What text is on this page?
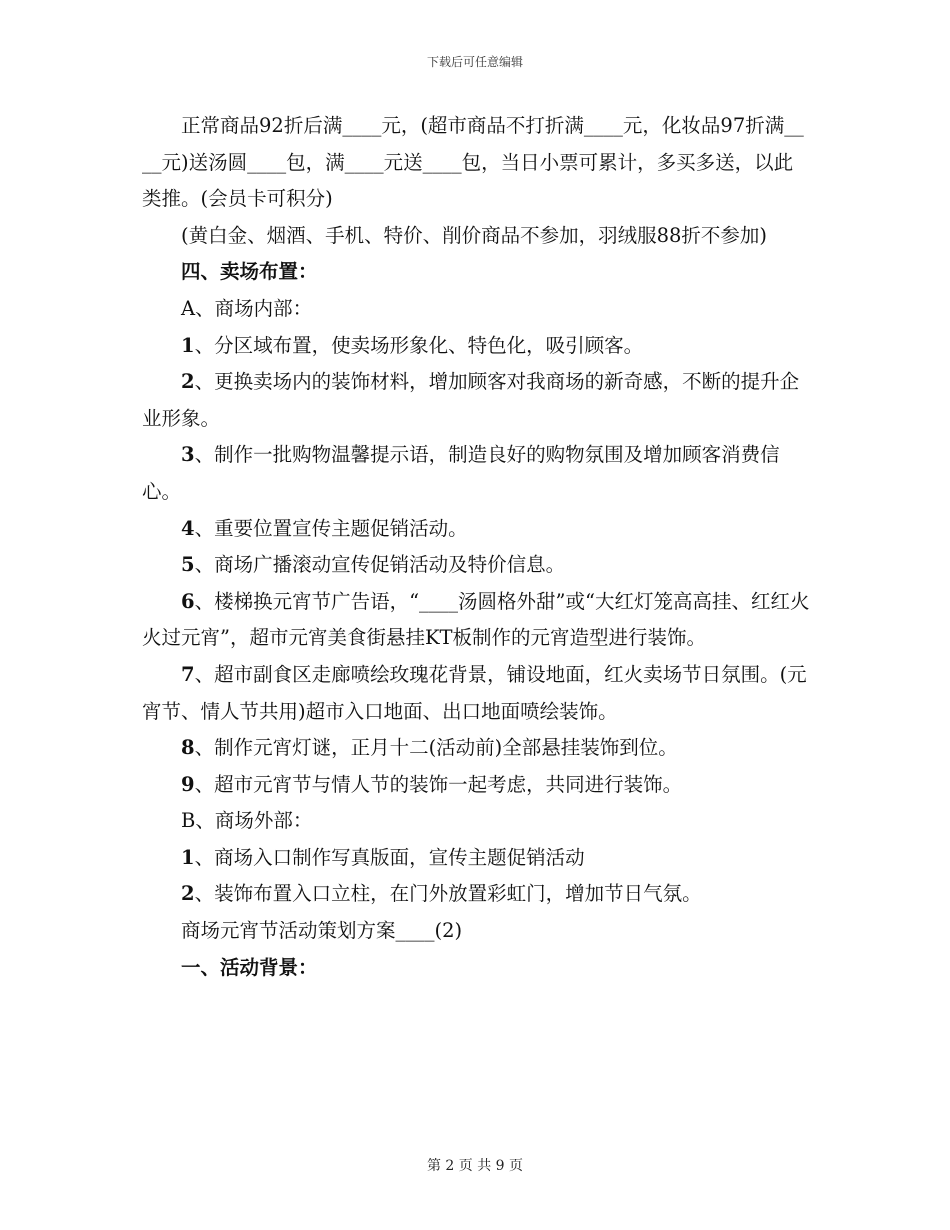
下载后可任意编辑

正常商品92折后满____元，(超市商品不打折满____元，化妆品97折满____元)送汤圆____包，满____元送____包，当日小票可累计，多买多送，以此类推。(会员卡可积分)

(黄白金、烟酒、手机、特价、削价商品不参加，羽绒服88折不参加)

四、卖场布置：

A、商场内部：

1、分区域布置，使卖场形象化、特色化，吸引顾客。

2、更换卖场内的装饰材料，增加顾客对我商场的新奇感，不断的提升企业形象。

3、制作一批购物温馨提示语，制造良好的购物氛围及增加顾客消费信心。

4、重要位置宣传主题促销活动。

5、商场广播滚动宣传促销活动及特价信息。

6、楼梯换元宵节广告语，“____汤圆格外甜”或“大红灯笼高高挂、红红火火过元宵”，超市元宵美食街悬挂KT板制作的元宵造型进行装饰。

7、超市副食区走廊喷绘玫瑰花背景，铺设地面，红火卖场节日氛围。(元宵节、情人节共用)超市入口地面、出口地面喷绘装饰。

8、制作元宵灯谜，正月十二(活动前)全部悬挂装饰到位。

9、超市元宵节与情人节的装饰一起考虑，共同进行装饰。

B、商场外部：

1、商场入口制作写真版面，宣传主题促销活动

2、装饰布置入口立柱，在门外放置彩虹门，增加节日气氛。

商场元宵节活动策划方案____(2)

一、活动背景：

第 2 页 共 9 页
